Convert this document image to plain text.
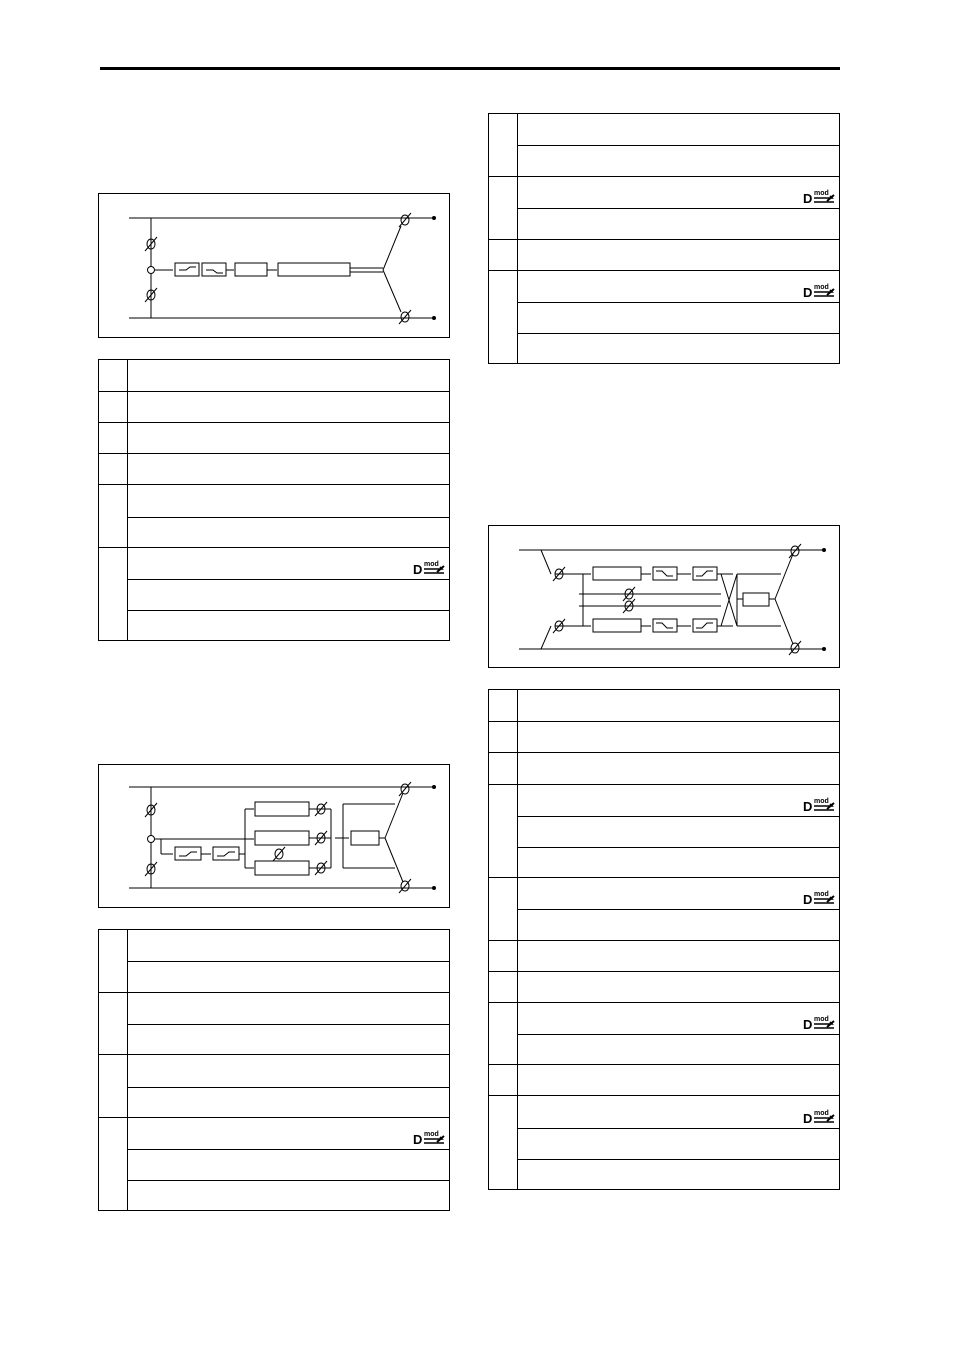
D mod
D mod
D mod
D mod
D mod
D mod
D mod
D mod
